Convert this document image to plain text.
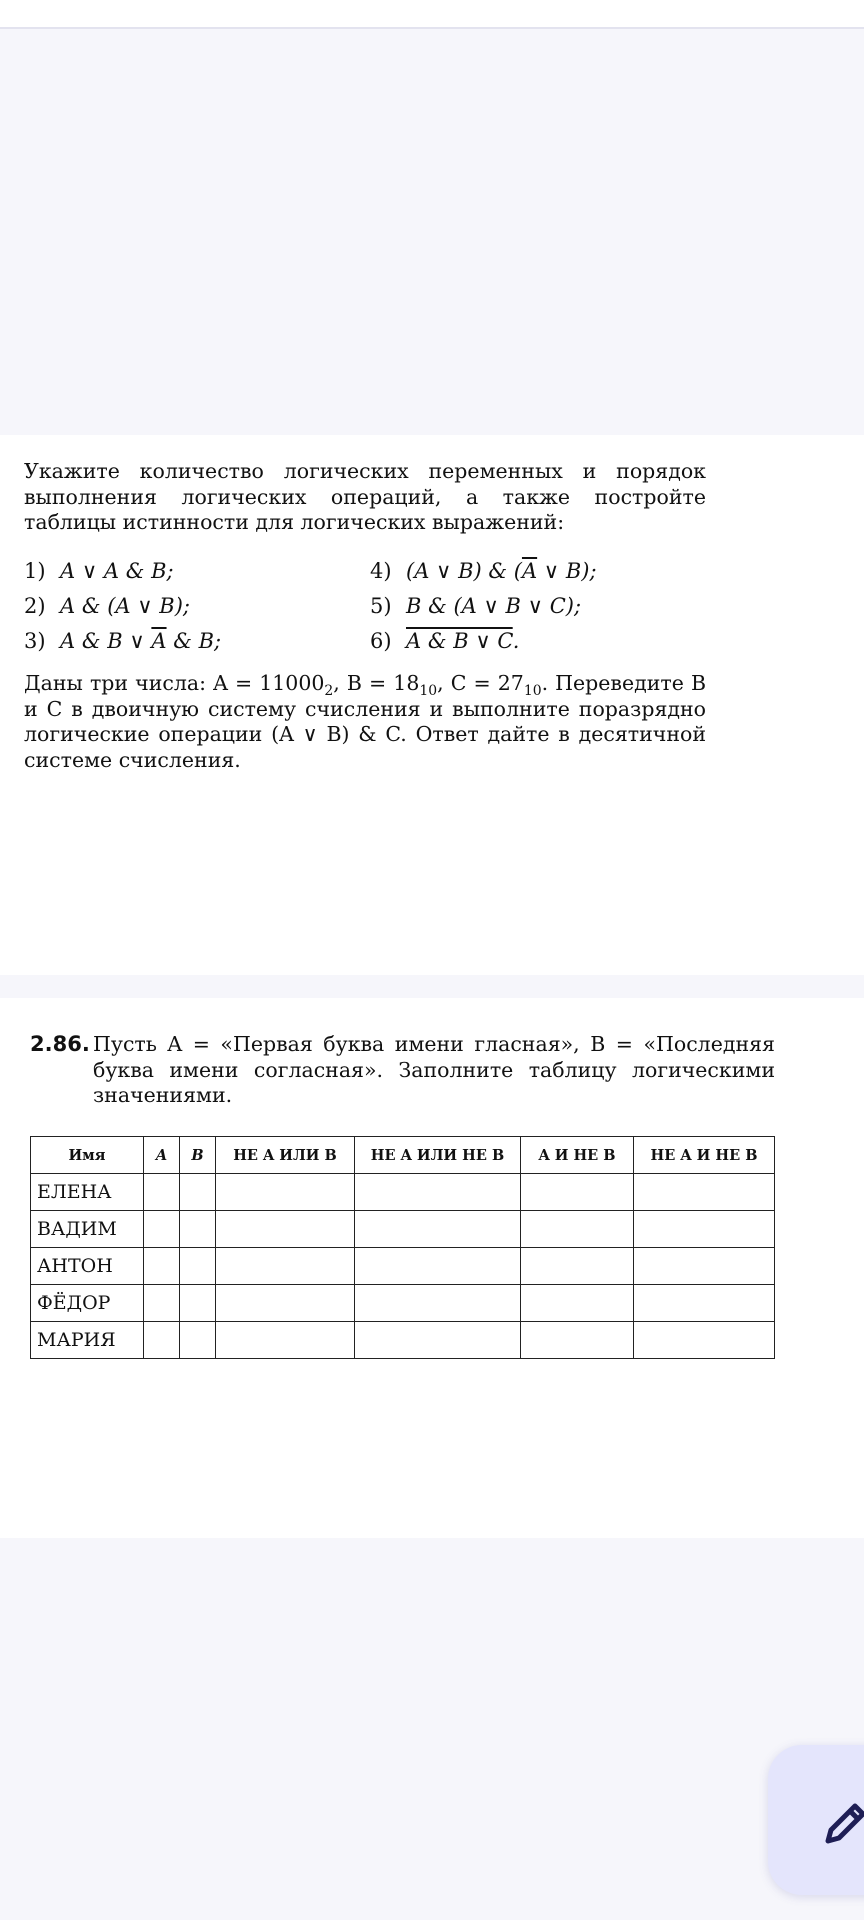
Укажите количество логических переменных и порядок выполнения логических операций, а также постройте таблицы истинности для логических выражений:

1) A ∨ A & B;
2) A & (A ∨ B);
3) A & B ∨ $\overline{A}$ & B;
4) (A ∨ B) & ($\overline{A}$ ∨ B);
5) B & (A ∨ B ∨ C);
6) A & B ∨ C.

Даны три числа: $A = 11000_2$, $B = 18_{10}$, $C = 27_{10}$. Переведите B и C в двоичную систему счисления и выполните поразрядно логические операции (A ∨ B) & C. Ответ дайте в десятичной системе счисления.

2.86. Пусть A = «Первая буква имени гласная», B = «Последняя буква имени согласная». Заполните таблицу логическими значениями.

Имя	A	B	НЕ A ИЛИ B	НЕ A ИЛИ НЕ B	A И НЕ B	НЕ A И НЕ B
ЕЛЕНА						
ВАДИМ						
АНТОН						
ФЁДОР						
МАРИЯ						
